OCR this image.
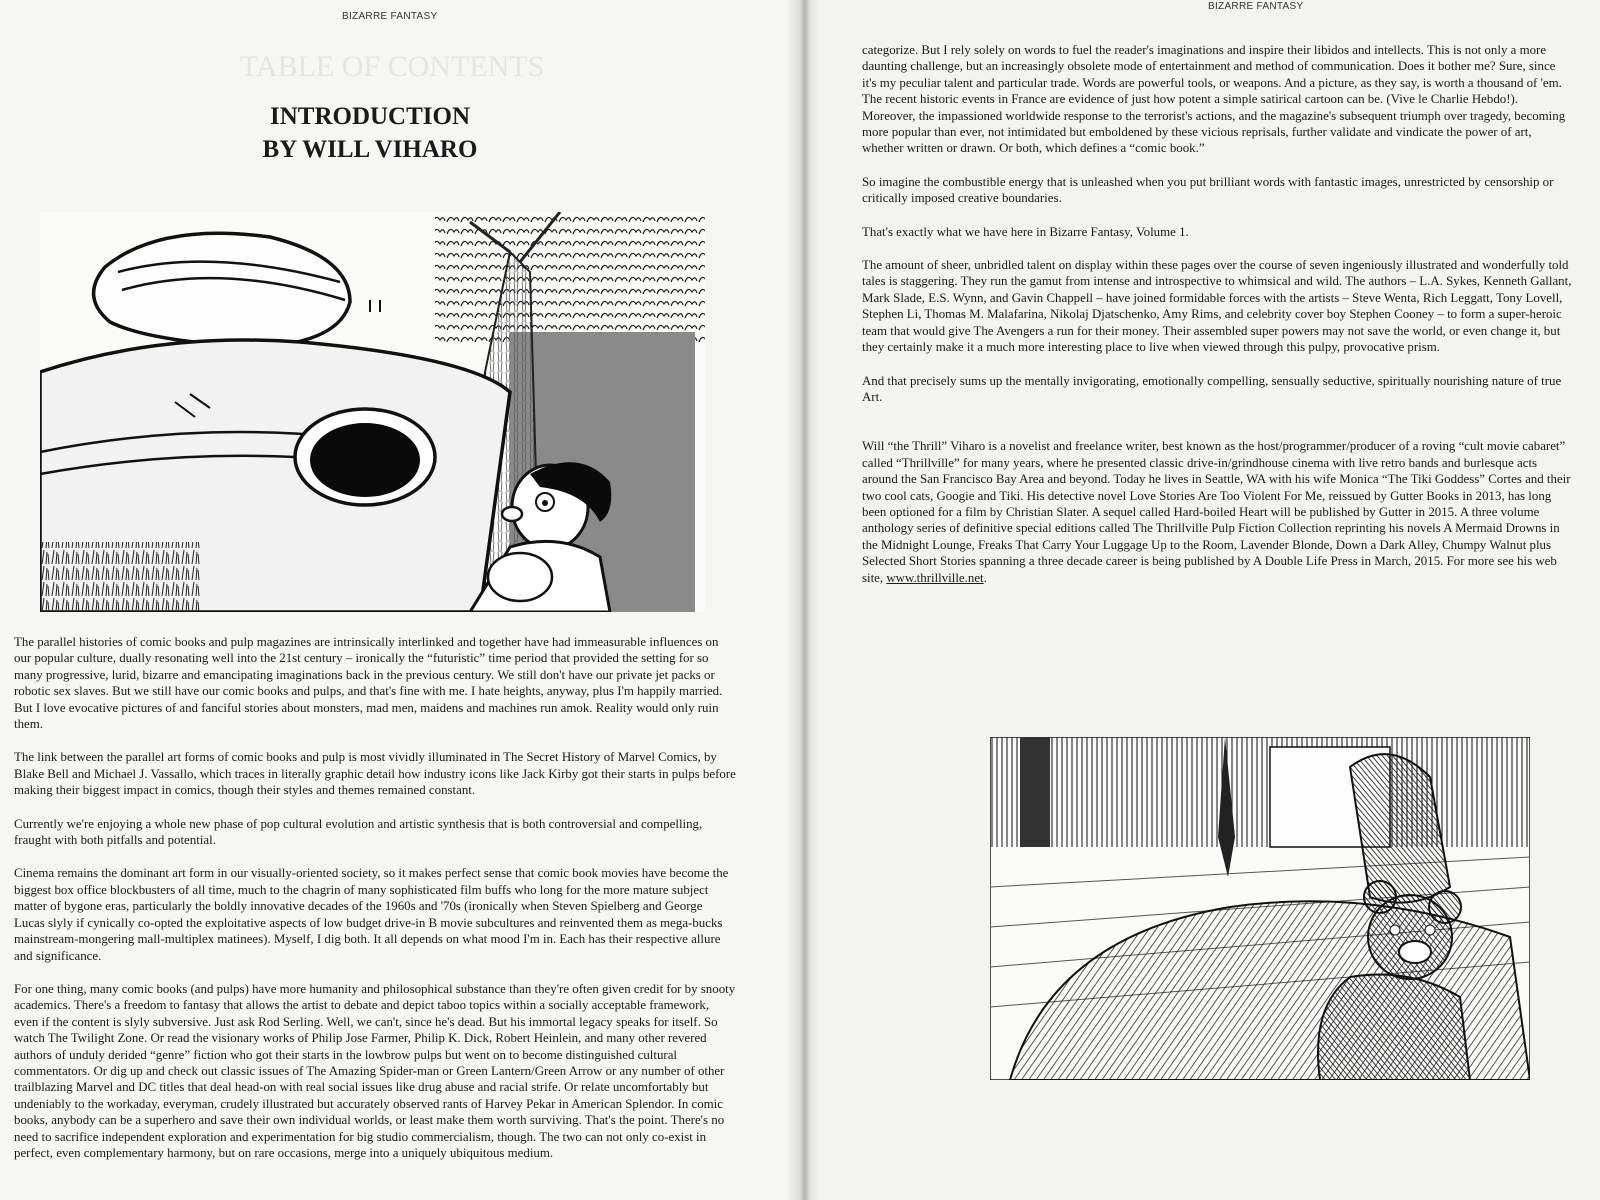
BIZARRE FANTASY
TABLE OF CONTENTS
INTRODUCTION
BY WILL VIHARO

The parallel histories of comic books and pulp magazines are intrinsically interlinked and together have had immeasurable influences on our popular culture, dually resonating well into the 21st century – ironically the “futuristic” time period that provided the setting for so many progressive, lurid, bizarre and emancipating imaginations back in the previous century. We still don't have our private jet packs or robotic sex slaves. But we still have our comic books and pulps, and that's fine with me. I hate heights, anyway, plus I'm happily married. But I love evocative pictures of and fanciful stories about monsters, mad men, maidens and machines run amok. Reality would only ruin them.

The link between the parallel art forms of comic books and pulp is most vividly illuminated in The Secret History of Marvel Comics, by Blake Bell and Michael J. Vassallo, which traces in literally graphic detail how industry icons like Jack Kirby got their starts in pulps before making their biggest impact in comics, though their styles and themes remained constant.

Currently we're enjoying a whole new phase of pop cultural evolution and artistic synthesis that is both controversial and compelling, fraught with both pitfalls and potential.

Cinema remains the dominant art form in our visually-oriented society, so it makes perfect sense that comic book movies have become the biggest box office blockbusters of all time, much to the chagrin of many sophisticated film buffs who long for the more mature subject matter of bygone eras, particularly the boldly innovative decades of the 1960s and '70s (ironically when Steven Spielberg and George Lucas slyly if cynically co-opted the exploitative aspects of low budget drive-in B movie subcultures and reinvented them as mega-bucks mainstream-mongering mall-multiplex matinees). Myself, I dig both. It all depends on what mood I'm in. Each has their respective allure and significance.

For one thing, many comic books (and pulps) have more humanity and philosophical substance than they're often given credit for by snooty academics. There's a freedom to fantasy that allows the artist to debate and depict taboo topics within a socially acceptable framework, even if the content is slyly subversive. Just ask Rod Serling. Well, we can't, since he's dead. But his immortal legacy speaks for itself. So watch The Twilight Zone. Or read the visionary works of Philip Jose Farmer, Philip K. Dick, Robert Heinlein, and many other revered authors of unduly derided “genre” fiction who got their starts in the lowbrow pulps but went on to become distinguished cultural commentators. Or dig up and check out classic issues of The Amazing Spider-man or Green Lantern/Green Arrow or any number of other trailblazing Marvel and DC titles that deal head-on with real social issues like drug abuse and racial strife. Or relate uncomfortably but undeniably to the workaday, everyman, crudely illustrated but accurately observed rants of Harvey Pekar in American Splendor. In comic books, anybody can be a superhero and save their own individual worlds, or least make them worth surviving. That's the point. There's no need to sacrifice independent exploration and experimentation for big studio commercialism, though. The two can not only co-exist in perfect, even complementary harmony, but on rare occasions, merge into a uniquely ubiquitous medium.

BIZARRE FANTASY

categorize. But I rely solely on words to fuel the reader's imaginations and inspire their libidos and intellects. This is not only a more daunting challenge, but an increasingly obsolete mode of entertainment and method of communication. Does it bother me? Sure, since it's my peculiar talent and particular trade. Words are powerful tools, or weapons. And a picture, as they say, is worth a thousand of 'em. The recent historic events in France are evidence of just how potent a simple satirical cartoon can be. (Vive le Charlie Hebdo!). Moreover, the impassioned worldwide response to the terrorist's actions, and the magazine's subsequent triumph over tragedy, becoming more popular than ever, not intimidated but emboldened by these vicious reprisals, further validate and vindicate the power of art, whether written or drawn. Or both, which defines a “comic book.”

So imagine the combustible energy that is unleashed when you put brilliant words with fantastic images, unrestricted by censorship or critically imposed creative boundaries.

That's exactly what we have here in Bizarre Fantasy, Volume 1.

The amount of sheer, unbridled talent on display within these pages over the course of seven ingeniously illustrated and wonderfully told tales is staggering. They run the gamut from intense and introspective to whimsical and wild. The authors – L.A. Sykes, Kenneth Gallant, Mark Slade, E.S. Wynn, and Gavin Chappell – have joined formidable forces with the artists – Steve Wenta, Rich Leggatt, Tony Lovell, Stephen Li, Thomas M. Malafarina, Nikolaj Djatschenko, Amy Rims, and celebrity cover boy Stephen Cooney – to form a super-heroic team that would give The Avengers a run for their money. Their assembled super powers may not save the world, or even change it, but they certainly make it a much more interesting place to live when viewed through this pulpy, provocative prism.

And that precisely sums up the mentally invigorating, emotionally compelling, sensually seductive, spiritually nourishing nature of true Art.

Will “the Thrill” Viharo is a novelist and freelance writer, best known as the host/programmer/producer of a roving “cult movie cabaret” called “Thrillville” for many years, where he presented classic drive-in/grindhouse cinema with live retro bands and burlesque acts around the San Francisco Bay Area and beyond. Today he lives in Seattle, WA with his wife Monica “The Tiki Goddess” Cortes and their two cool cats, Googie and Tiki. His detective novel Love Stories Are Too Violent For Me, reissued by Gutter Books in 2013, has long been optioned for a film by Christian Slater. A sequel called Hard-boiled Heart will be published by Gutter in 2015. A three volume anthology series of definitive special editions called The Thrillville Pulp Fiction Collection reprinting his novels A Mermaid Drowns in the Midnight Lounge, Freaks That Carry Your Luggage Up to the Room, Lavender Blonde, Down a Dark Alley, Chumpy Walnut plus Selected Short Stories spanning a three decade career is being published by A Double Life Press in March, 2015. For more see his web site, www.thrillville.net.
